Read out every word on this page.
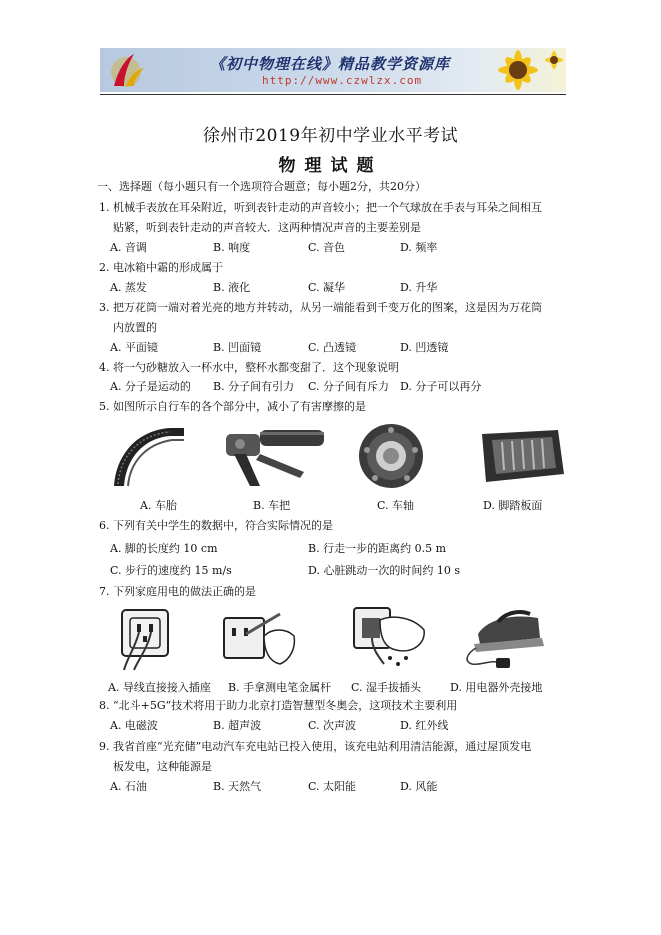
《初中物理在线》精品教学资源库
http://www.czwlzx.com
徐州市2019年初中学业水平考试
物理试题
一、选择题（每小题只有一个选项符合题意；每小题2分，共20分）
1. 机械手表放在耳朵附近，听到表针走动的声音较小；把一个气球放在手表与耳朵之间相互
贴紧，听到表针走动的声音较大．这两种情况声音的主要差别是
A. 音调	B. 响度	C. 音色	D. 频率
2. 电冰箱中霜的形成属于
A. 蒸发	B. 液化	C. 凝华	D. 升华
3. 把万花筒一端对着光亮的地方并转动，从另一端能看到千变万化的图案，这是因为万花筒
内放置的
A. 平面镜	B. 凹面镜	C. 凸透镜	D. 凹透镜
4. 将一勺砂糖放入一杯水中，整杯水都变甜了．这个现象说明
A. 分子是运动的 B. 分子间有引力 C. 分子间有斥力 D. 分子可以再分
5. 如图所示自行车的各个部分中，减小了有害摩擦的是
A. 车胎	B. 车把	C. 车轴	D. 脚踏板面
6. 下列有关中学生的数据中，符合实际情况的是
A. 脚的长度约 10 cm	B. 行走一步的距离约 0.5 m
C. 步行的速度约 15 m/s	D. 心脏跳动一次的时间约 10 s
7. 下列家庭用电的做法正确的是
A. 导线直接接入插座 B. 手拿测电笔金属杆 C. 湿手拔插头	D. 用电器外壳接地
8. “北斗+5G”技术将用于助力北京打造智慧型冬奥会，这项技术主要利用
A. 电磁波	B. 超声波	C. 次声波	D. 红外线
9. 我省首座“光充储”电动汽车充电站已投入使用，该充电站利用清洁能源，通过屋顶发电
板发电，这种能源是
A. 石油	B. 天然气	C. 太阳能	D. 风能
